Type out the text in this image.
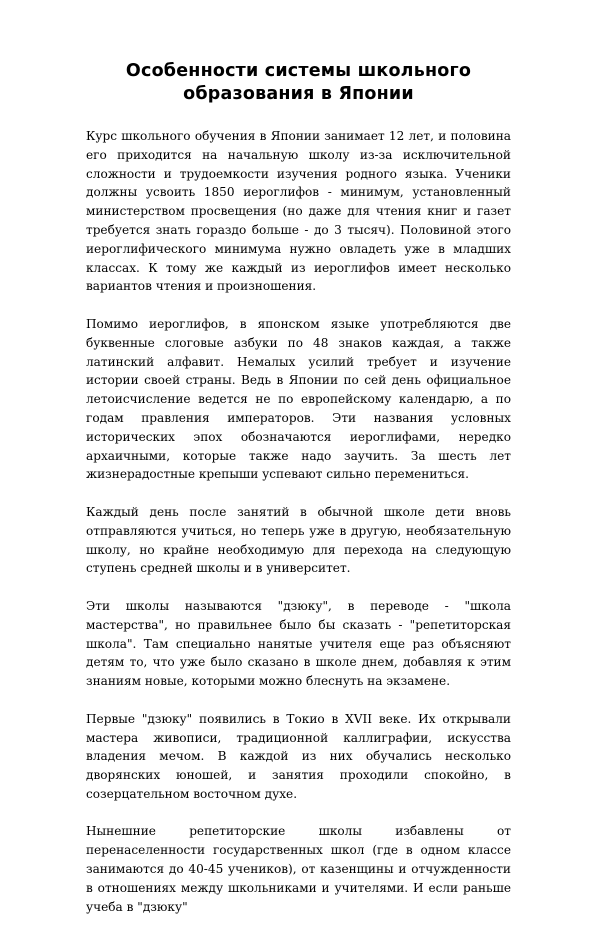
Особенности системы школьного образования в Японии

Курс школьного обучения в Японии занимает 12 лет, и половина его приходится на начальную школу из-за исключительной сложности и трудоемкости изучения родного языка. Ученики должны усвоить 1850 иероглифов - минимум, установленный министерством просвещения (но даже для чтения книг и газет требуется знать гораздо больше - до 3 тысяч). Половиной этого иероглифического минимума нужно овладеть уже в младших классах. К тому же каждый из иероглифов имеет несколько вариантов чтения и произношения.

Помимо иероглифов, в японском языке употребляются две буквенные слоговые азбуки по 48 знаков каждая, а также латинский алфавит. Немалых усилий требует и изучение истории своей страны. Ведь в Японии по сей день официальное летоисчисление ведется не по европейскому календарю, а по годам правления императоров. Эти названия условных исторических эпох обозначаются иероглифами, нередко архаичными, которые также надо заучить. За шесть лет жизнерадостные крепыши успевают сильно перемениться.

Каждый день после занятий в обычной школе дети вновь отправляются учиться, но теперь уже в другую, необязательную школу, но крайне необходимую для перехода на следующую ступень средней школы и в университет.

Эти школы называются "дзюку", в переводе - "школа мастерства", но правильнее было бы сказать - "репетиторская школа". Там специально нанятые учителя еще раз объясняют детям то, что уже было сказано в школе днем, добавляя к этим знаниям новые, которыми можно блеснуть на экзамене.

Первые "дзюку" появились в Токио в XVII веке. Их открывали мастера живописи, традиционной каллиграфии, искусства владения мечом. В каждой из них обучались несколько дворянских юношей, и занятия проходили спокойно, в созерцательном восточном духе.

Нынешние репетиторские школы избавлены от перенаселенности государственных школ (где в одном классе занимаются до 40-45 учеников), от казенщины и отчужденности в отношениях между школьниками и учителями. И если раньше учеба в "дзюку"
